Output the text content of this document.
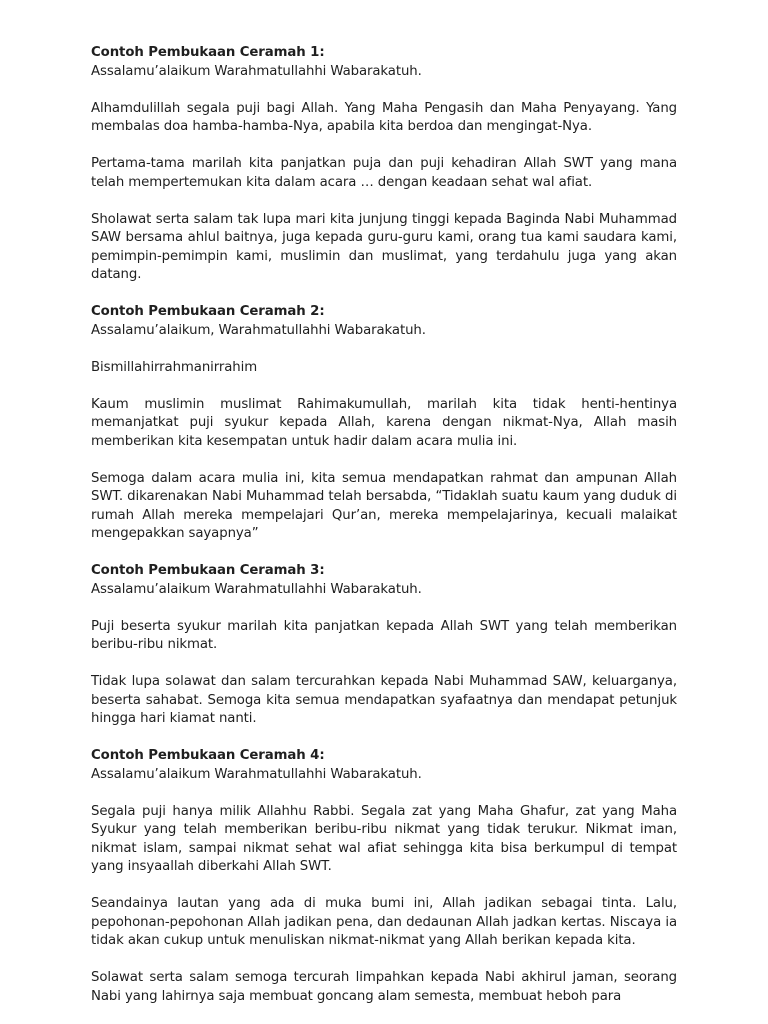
Contoh Pembukaan Ceramah 1:
Assalamu’alaikum Warahmatullahhi Wabarakatuh.

Alhamdulillah segala puji bagi Allah. Yang Maha Pengasih dan Maha Penyayang. Yang membalas doa hamba-hamba-Nya, apabila kita berdoa dan mengingat-Nya.

Pertama-tama marilah kita panjatkan puja dan puji kehadiran Allah SWT yang mana telah mempertemukan kita dalam acara … dengan keadaan sehat wal afiat.

Sholawat serta salam tak lupa mari kita junjung tinggi kepada Baginda Nabi Muhammad SAW bersama ahlul baitnya, juga kepada guru-guru kami, orang tua kami saudara kami, pemimpin-pemimpin kami, muslimin dan muslimat, yang terdahulu juga yang akan datang.

Contoh Pembukaan Ceramah 2:
Assalamu’alaikum, Warahmatullahhi Wabarakatuh.

Bismillahirrahmanirrahim

Kaum muslimin muslimat Rahimakumullah, marilah kita tidak henti-hentinya memanjatkat puji syukur kepada Allah, karena dengan nikmat-Nya, Allah masih memberikan kita kesempatan untuk hadir dalam acara mulia ini.

Semoga dalam acara mulia ini, kita semua mendapatkan rahmat dan ampunan Allah SWT. dikarenakan Nabi Muhammad telah bersabda, “Tidaklah suatu kaum yang duduk di rumah Allah mereka mempelajari Qur’an, mereka mempelajarinya, kecuali malaikat mengepakkan sayapnya”

Contoh Pembukaan Ceramah 3:
Assalamu’alaikum Warahmatullahhi Wabarakatuh.

Puji beserta syukur marilah kita panjatkan kepada Allah SWT yang telah memberikan beribu-ribu nikmat.

Tidak lupa solawat dan salam tercurahkan kepada Nabi Muhammad SAW, keluarganya, beserta sahabat. Semoga kita semua mendapatkan syafaatnya dan mendapat petunjuk hingga hari kiamat nanti.

Contoh Pembukaan Ceramah 4:
Assalamu’alaikum Warahmatullahhi Wabarakatuh.

Segala puji hanya milik Allahhu Rabbi. Segala zat yang Maha Ghafur, zat yang Maha Syukur yang telah memberikan beribu-ribu nikmat yang tidak terukur. Nikmat iman, nikmat islam, sampai nikmat sehat wal afiat sehingga kita bisa berkumpul di tempat yang insyaallah diberkahi Allah SWT.

Seandainya lautan yang ada di muka bumi ini, Allah jadikan sebagai tinta. Lalu, pepohonan-pepohonan Allah jadikan pena, dan dedaunan Allah jadkan kertas. Niscaya ia tidak akan cukup untuk menuliskan nikmat-nikmat yang Allah berikan kepada kita.

Solawat serta salam semoga tercurah limpahkan kepada Nabi akhirul jaman, seorang Nabi yang lahirnya saja membuat goncang alam semesta, membuat heboh para
